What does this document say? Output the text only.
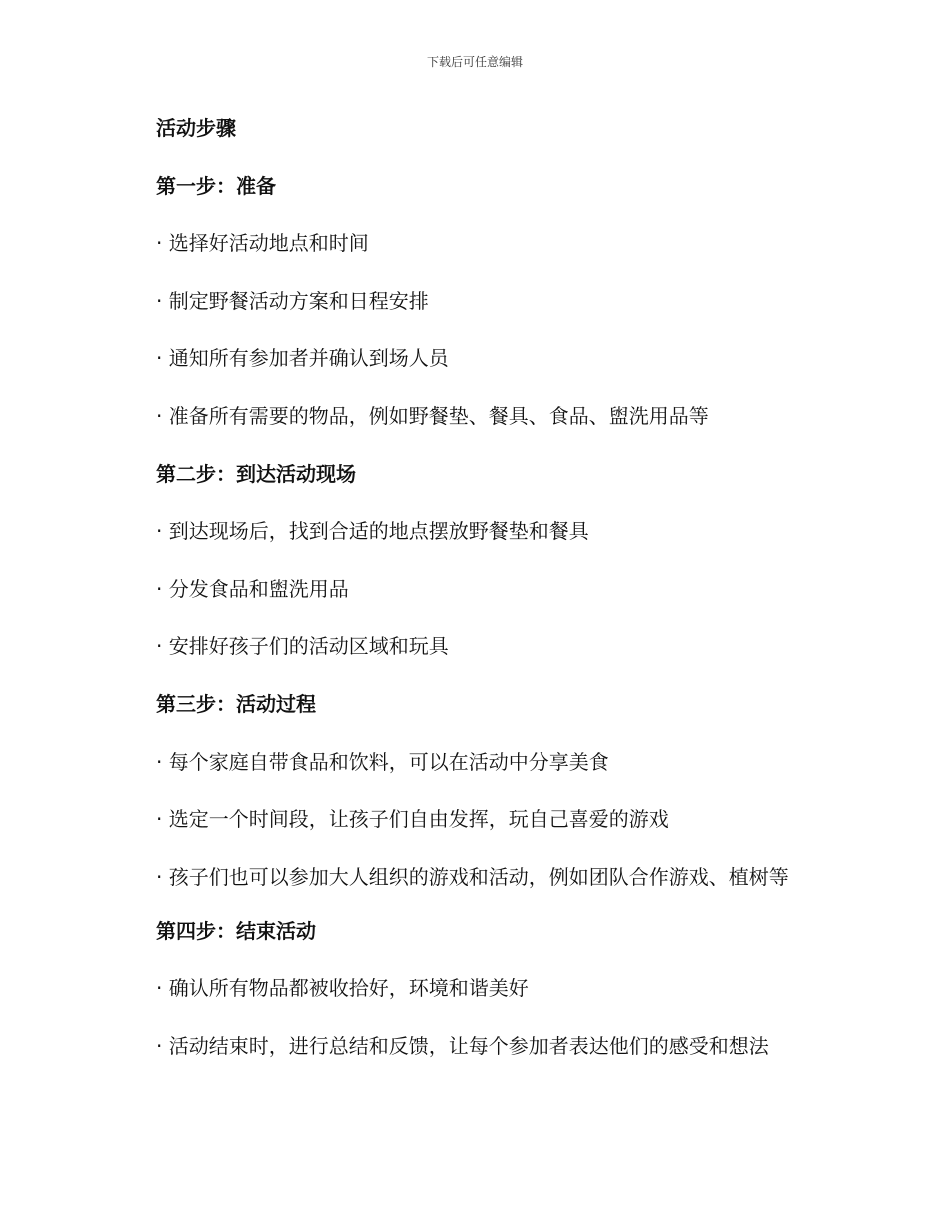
下载后可任意编辑
活动步骤
第一步：准备
· 选择好活动地点和时间
· 制定野餐活动方案和日程安排
· 通知所有参加者并确认到场人员
· 准备所有需要的物品，例如野餐垫、餐具、食品、盥洗用品等
第二步：到达活动现场
· 到达现场后，找到合适的地点摆放野餐垫和餐具
· 分发食品和盥洗用品
· 安排好孩子们的活动区域和玩具
第三步：活动过程
· 每个家庭自带食品和饮料，可以在活动中分享美食
· 选定一个时间段，让孩子们自由发挥，玩自己喜爱的游戏
· 孩子们也可以参加大人组织的游戏和活动，例如团队合作游戏、植树等
第四步：结束活动
· 确认所有物品都被收拾好，环境和谐美好
· 活动结束时，进行总结和反馈，让每个参加者表达他们的感受和想法
